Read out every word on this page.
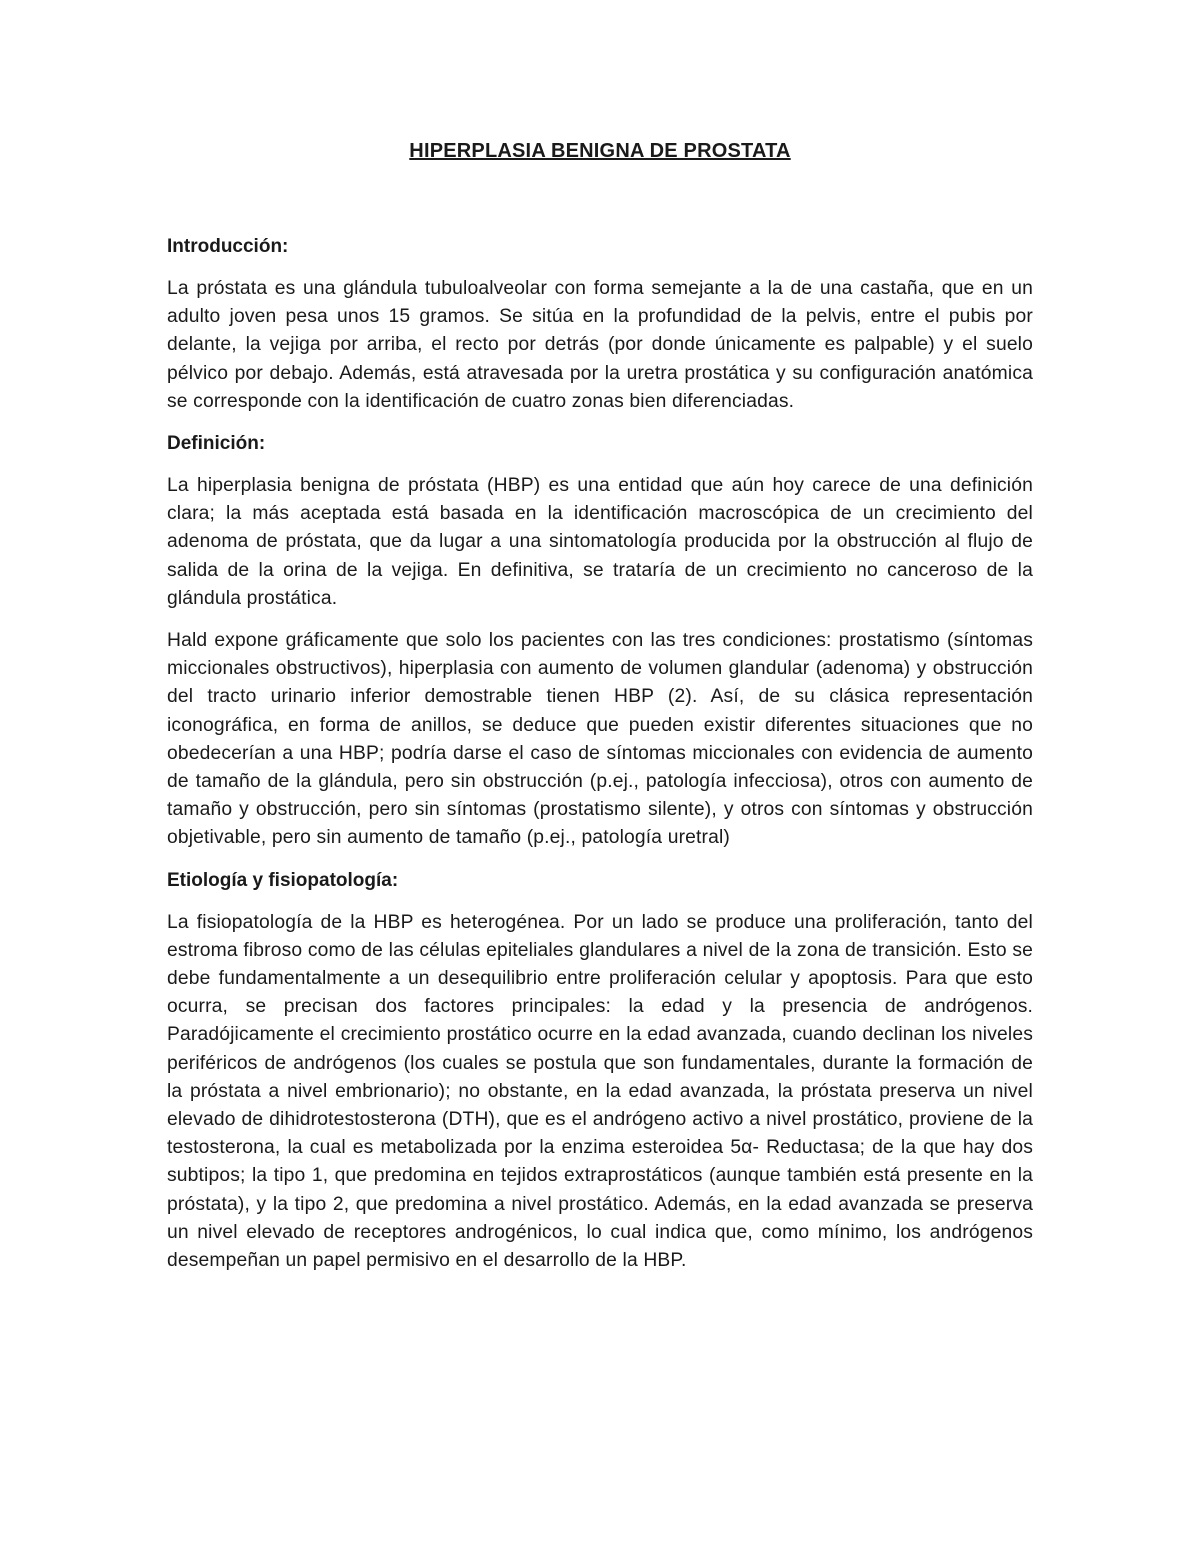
HIPERPLASIA BENIGNA DE PROSTATA
Introducción:

La próstata es una glándula tubuloalveolar con forma semejante a la de una castaña, que en un adulto joven pesa unos 15 gramos. Se sitúa en la profundidad de la pelvis, entre el pubis por delante, la vejiga por arriba, el recto por detrás (por donde únicamente es palpable) y el suelo pélvico por debajo. Además, está atravesada por la uretra prostática y su configuración anatómica se corresponde con la identificación de cuatro zonas bien diferenciadas.

Definición:

La hiperplasia benigna de próstata (HBP) es una entidad que aún hoy carece de una definición clara; la más aceptada está basada en la identificación macroscópica de un crecimiento del adenoma de próstata, que da lugar a una sintomatología producida por la obstrucción al flujo de salida de la orina de la vejiga. En definitiva, se trataría de un crecimiento no canceroso de la glándula prostática.

Hald expone gráficamente que solo los pacientes con las tres condiciones: prostatismo (síntomas miccionales obstructivos), hiperplasia con aumento de volumen glandular (adenoma) y obstrucción del tracto urinario inferior demostrable tienen HBP (2). Así, de su clásica representación iconográfica, en forma de anillos, se deduce que pueden existir diferentes situaciones que no obedecerían a una HBP; podría darse el caso de síntomas miccionales con evidencia de aumento de tamaño de la glándula, pero sin obstrucción (p.ej., patología infecciosa), otros con aumento de tamaño y obstrucción, pero sin síntomas (prostatismo silente), y otros con síntomas y obstrucción objetivable, pero sin aumento de tamaño (p.ej., patología uretral)

Etiología y fisiopatología:

La fisiopatología de la HBP es heterogénea. Por un lado se produce una proliferación, tanto del estroma fibroso como de las células epiteliales glandulares a nivel de la zona de transición. Esto se debe fundamentalmente a un desequilibrio entre proliferación celular y apoptosis. Para que esto ocurra, se precisan dos factores principales: la edad y la presencia de andrógenos. Paradójicamente el crecimiento prostático ocurre en la edad avanzada, cuando declinan los niveles periféricos de andrógenos (los cuales se postula que son fundamentales, durante la formación de la próstata a nivel embrionario); no obstante, en la edad avanzada, la próstata preserva un nivel elevado de dihidrotestosterona (DTH), que es el andrógeno activo a nivel prostático, proviene de la testosterona, la cual es metabolizada por la enzima esteroidea 5α- Reductasa; de la que hay dos subtipos; la tipo 1, que predomina en tejidos extraprostáticos (aunque también está presente en la próstata), y la tipo 2, que predomina a nivel prostático. Además, en la edad avanzada se preserva un nivel elevado de receptores androgénicos, lo cual indica que, como mínimo, los andrógenos desempeñan un papel permisivo en el desarrollo de la HBP.
